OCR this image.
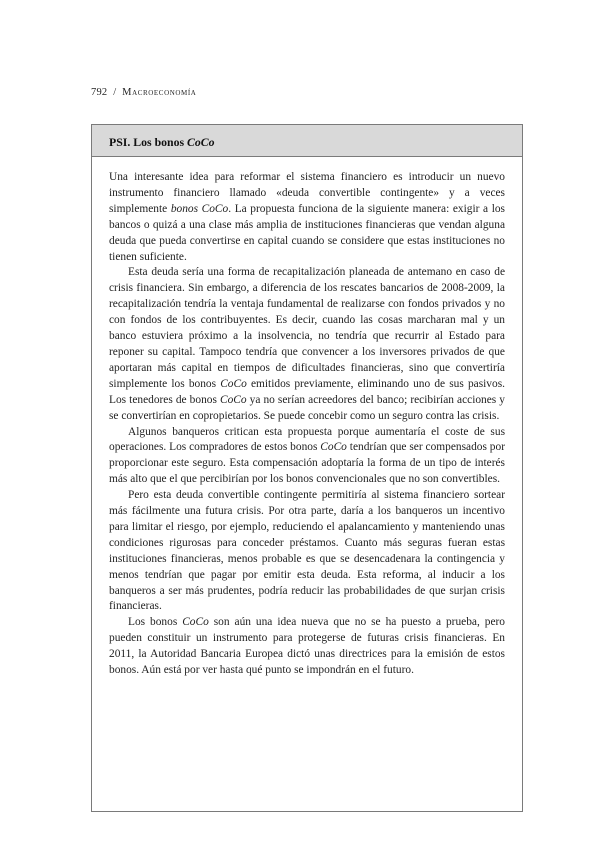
792 / Macroeconomía
PSI. Los bonos CoCo

Una interesante idea para reformar el sistema financiero es introducir un nuevo instrumento financiero llamado «deuda convertible contingente» y a veces simplemente bonos CoCo. La propuesta funciona de la siguiente manera: exigir a los bancos o quizá a una clase más amplia de instituciones financieras que vendan alguna deuda que pueda convertirse en capital cuando se considere que estas instituciones no tienen suficiente.

Esta deuda sería una forma de recapitalización planeada de antemano en caso de crisis financiera. Sin embargo, a diferencia de los rescates bancarios de 2008-2009, la recapitalización tendría la ventaja fundamental de realizarse con fondos privados y no con fondos de los contribuyentes. Es decir, cuando las cosas marcharan mal y un banco estuviera próximo a la insolvencia, no tendría que recurrir al Estado para reponer su capital. Tampoco tendría que convencer a los inversores privados de que aportaran más capital en tiempos de dificultades financieras, sino que convertiría simplemente los bonos CoCo emitidos previamente, eliminando uno de sus pasivos. Los tenedores de bonos CoCo ya no serían acreedores del banco; recibirían acciones y se convertirían en copropietarios. Se puede concebir como un seguro contra las crisis.

Algunos banqueros critican esta propuesta porque aumentaría el coste de sus operaciones. Los compradores de estos bonos CoCo tendrían que ser compensados por proporcionar este seguro. Esta compensación adoptaría la forma de un tipo de interés más alto que el que percibirían por los bonos convencionales que no son convertibles.

Pero esta deuda convertible contingente permitiría al sistema financiero sortear más fácilmente una futura crisis. Por otra parte, daría a los banqueros un incentivo para limitar el riesgo, por ejemplo, reduciendo el apalancamiento y manteniendo unas condiciones rigurosas para conceder préstamos. Cuanto más seguras fueran estas instituciones financieras, menos probable es que se desencadenara la contingencia y menos tendrían que pagar por emitir esta deuda. Esta reforma, al inducir a los banqueros a ser más prudentes, podría reducir las probabilidades de que surjan crisis financieras.

Los bonos CoCo son aún una idea nueva que no se ha puesto a prueba, pero pueden constituir un instrumento para protegerse de futuras crisis financieras. En 2011, la Autoridad Bancaria Europea dictó unas directrices para la emisión de estos bonos. Aún está por ver hasta qué punto se impondrán en el futuro.
